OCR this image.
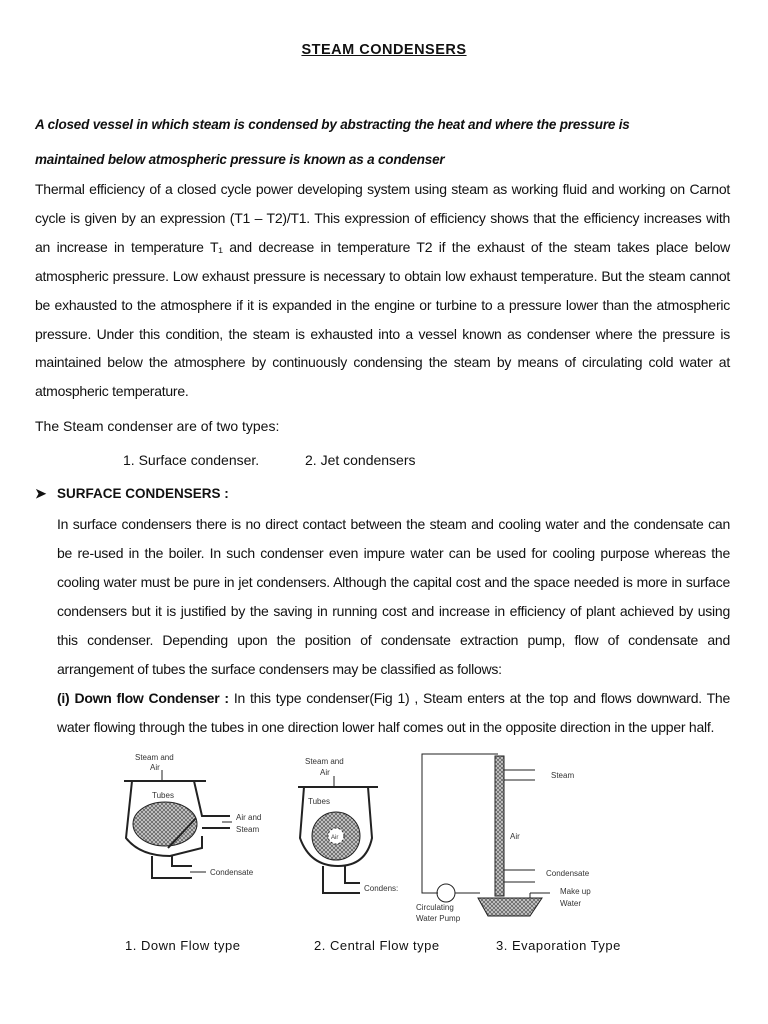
STEAM CONDENSERS
A closed vessel in which steam is condensed by abstracting the heat and where the pressure is
maintained below atmospheric pressure is known as a condenser
Thermal efficiency of a closed cycle power developing system using steam as working fluid and working on Carnot cycle is given by an expression (T1 – T2)/T1. This expression of efficiency shows that the efficiency increases with an increase in temperature T₁ and decrease in temperature T2 if the exhaust of the steam takes place below atmospheric pressure. Low exhaust pressure is necessary to obtain low exhaust temperature. But the steam cannot be exhausted to the atmosphere if it is expanded in the engine or turbine to a pressure lower than the atmospheric pressure. Under this condition, the steam is exhausted into a vessel known as condenser where the pressure is maintained below the atmosphere by continuously condensing the steam by means of circulating cold water at atmospheric temperature.
The Steam condenser are of two types:
1. Surface condenser.	2. Jet condensers
➤ SURFACE CONDENSERS :
In surface condensers there is no direct contact between the steam and cooling water and the condensate can be re-used in the boiler. In such condenser even impure water can be used for cooling purpose whereas the cooling water must be pure in jet condensers. Although the capital cost and the space needed is more in surface condensers but it is justified by the saving in running cost and increase in efficiency of plant achieved by using this condenser. Depending upon the position of condensate extraction pump, flow of condensate and arrangement of tubes the surface condensers may be classified as follows:
(i) Down flow Condenser : In this type condenser(Fig 1) , Steam enters at the top and flows downward. The water flowing through the tubes in one direction lower half comes out in the opposite direction in the upper half.
Steam and
Air
Tubes
Air and
Steam
Condensate
Steam and
Air
Tubes
Air
Condens:
Steam
Air
Condensate
Make up
Water
Circulating
Water Pump
1. Down Flow type	2. Central Flow type	3. Evaporation Type
